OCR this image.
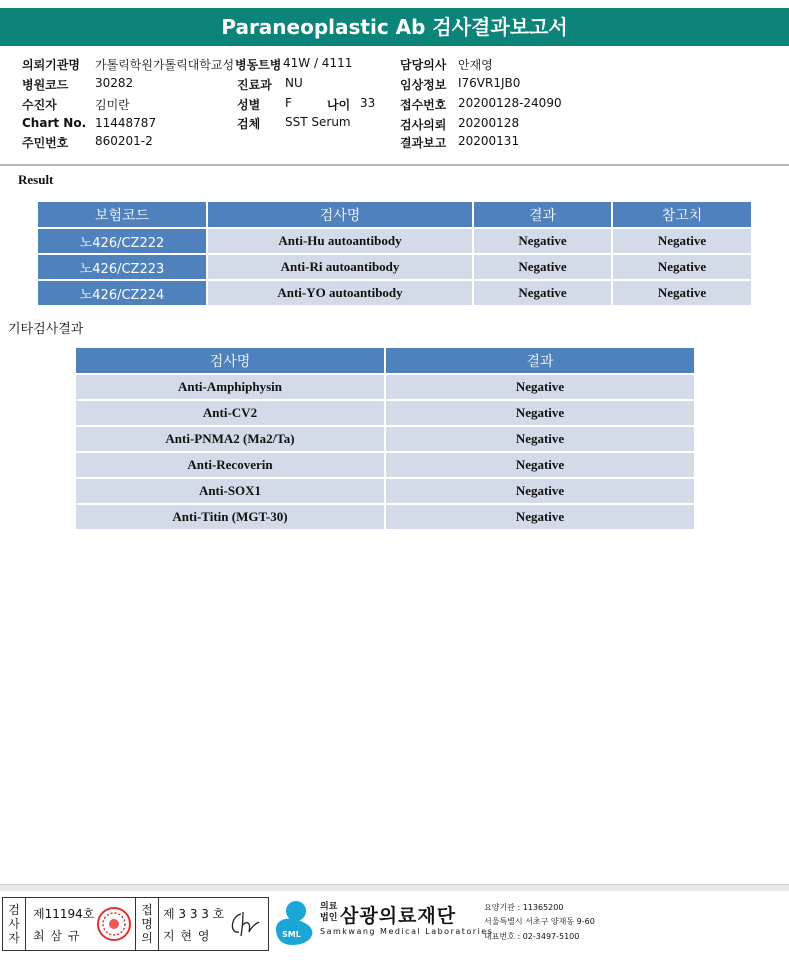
Paraneoplastic Ab 검사결과보고서
의뢰기관명 가톨릭학원가톨릭대학교성
병원코드 30282
수진자	김미란
Chart No. 11448787
주민번호 860201-2
병동트병 41W / 4111
진료과 NU
성별 F	나이 33
검체 SST Serum
담당의사 안재영
임상정보 I76VR1JB0
접수번호 20200128-24090
검사의뢰 20200128
결과보고 20200131
Result
보험코드	검사명	결과	참고치
노426/CZ222	Anti-Hu autoantibody	Negative	Negative
노426/CZ223	Anti-Ri autoantibody	Negative	Negative
노426/CZ224	Anti-YO autoantibody	Negative	Negative
기타검사결과
검사명	결과
Anti-Amphiphysin	Negative
Anti-CV2	Negative
Anti-PNMA2 (Ma2/Ta)	Negative
Anti-Recoverin	Negative
Anti-SOX1	Negative
Anti-Titin (MGT-30)	Negative
검사자
제11194호
최 삼 규
접명의
제 3 3 3 호
지 현 영	SML
의료법인 삼광의료재단
Samkwang Medical Laboratories
요양기관 : 11365200
서울특별시 서초구 양재동 9-60
대표번호 : 02-3497-5100
